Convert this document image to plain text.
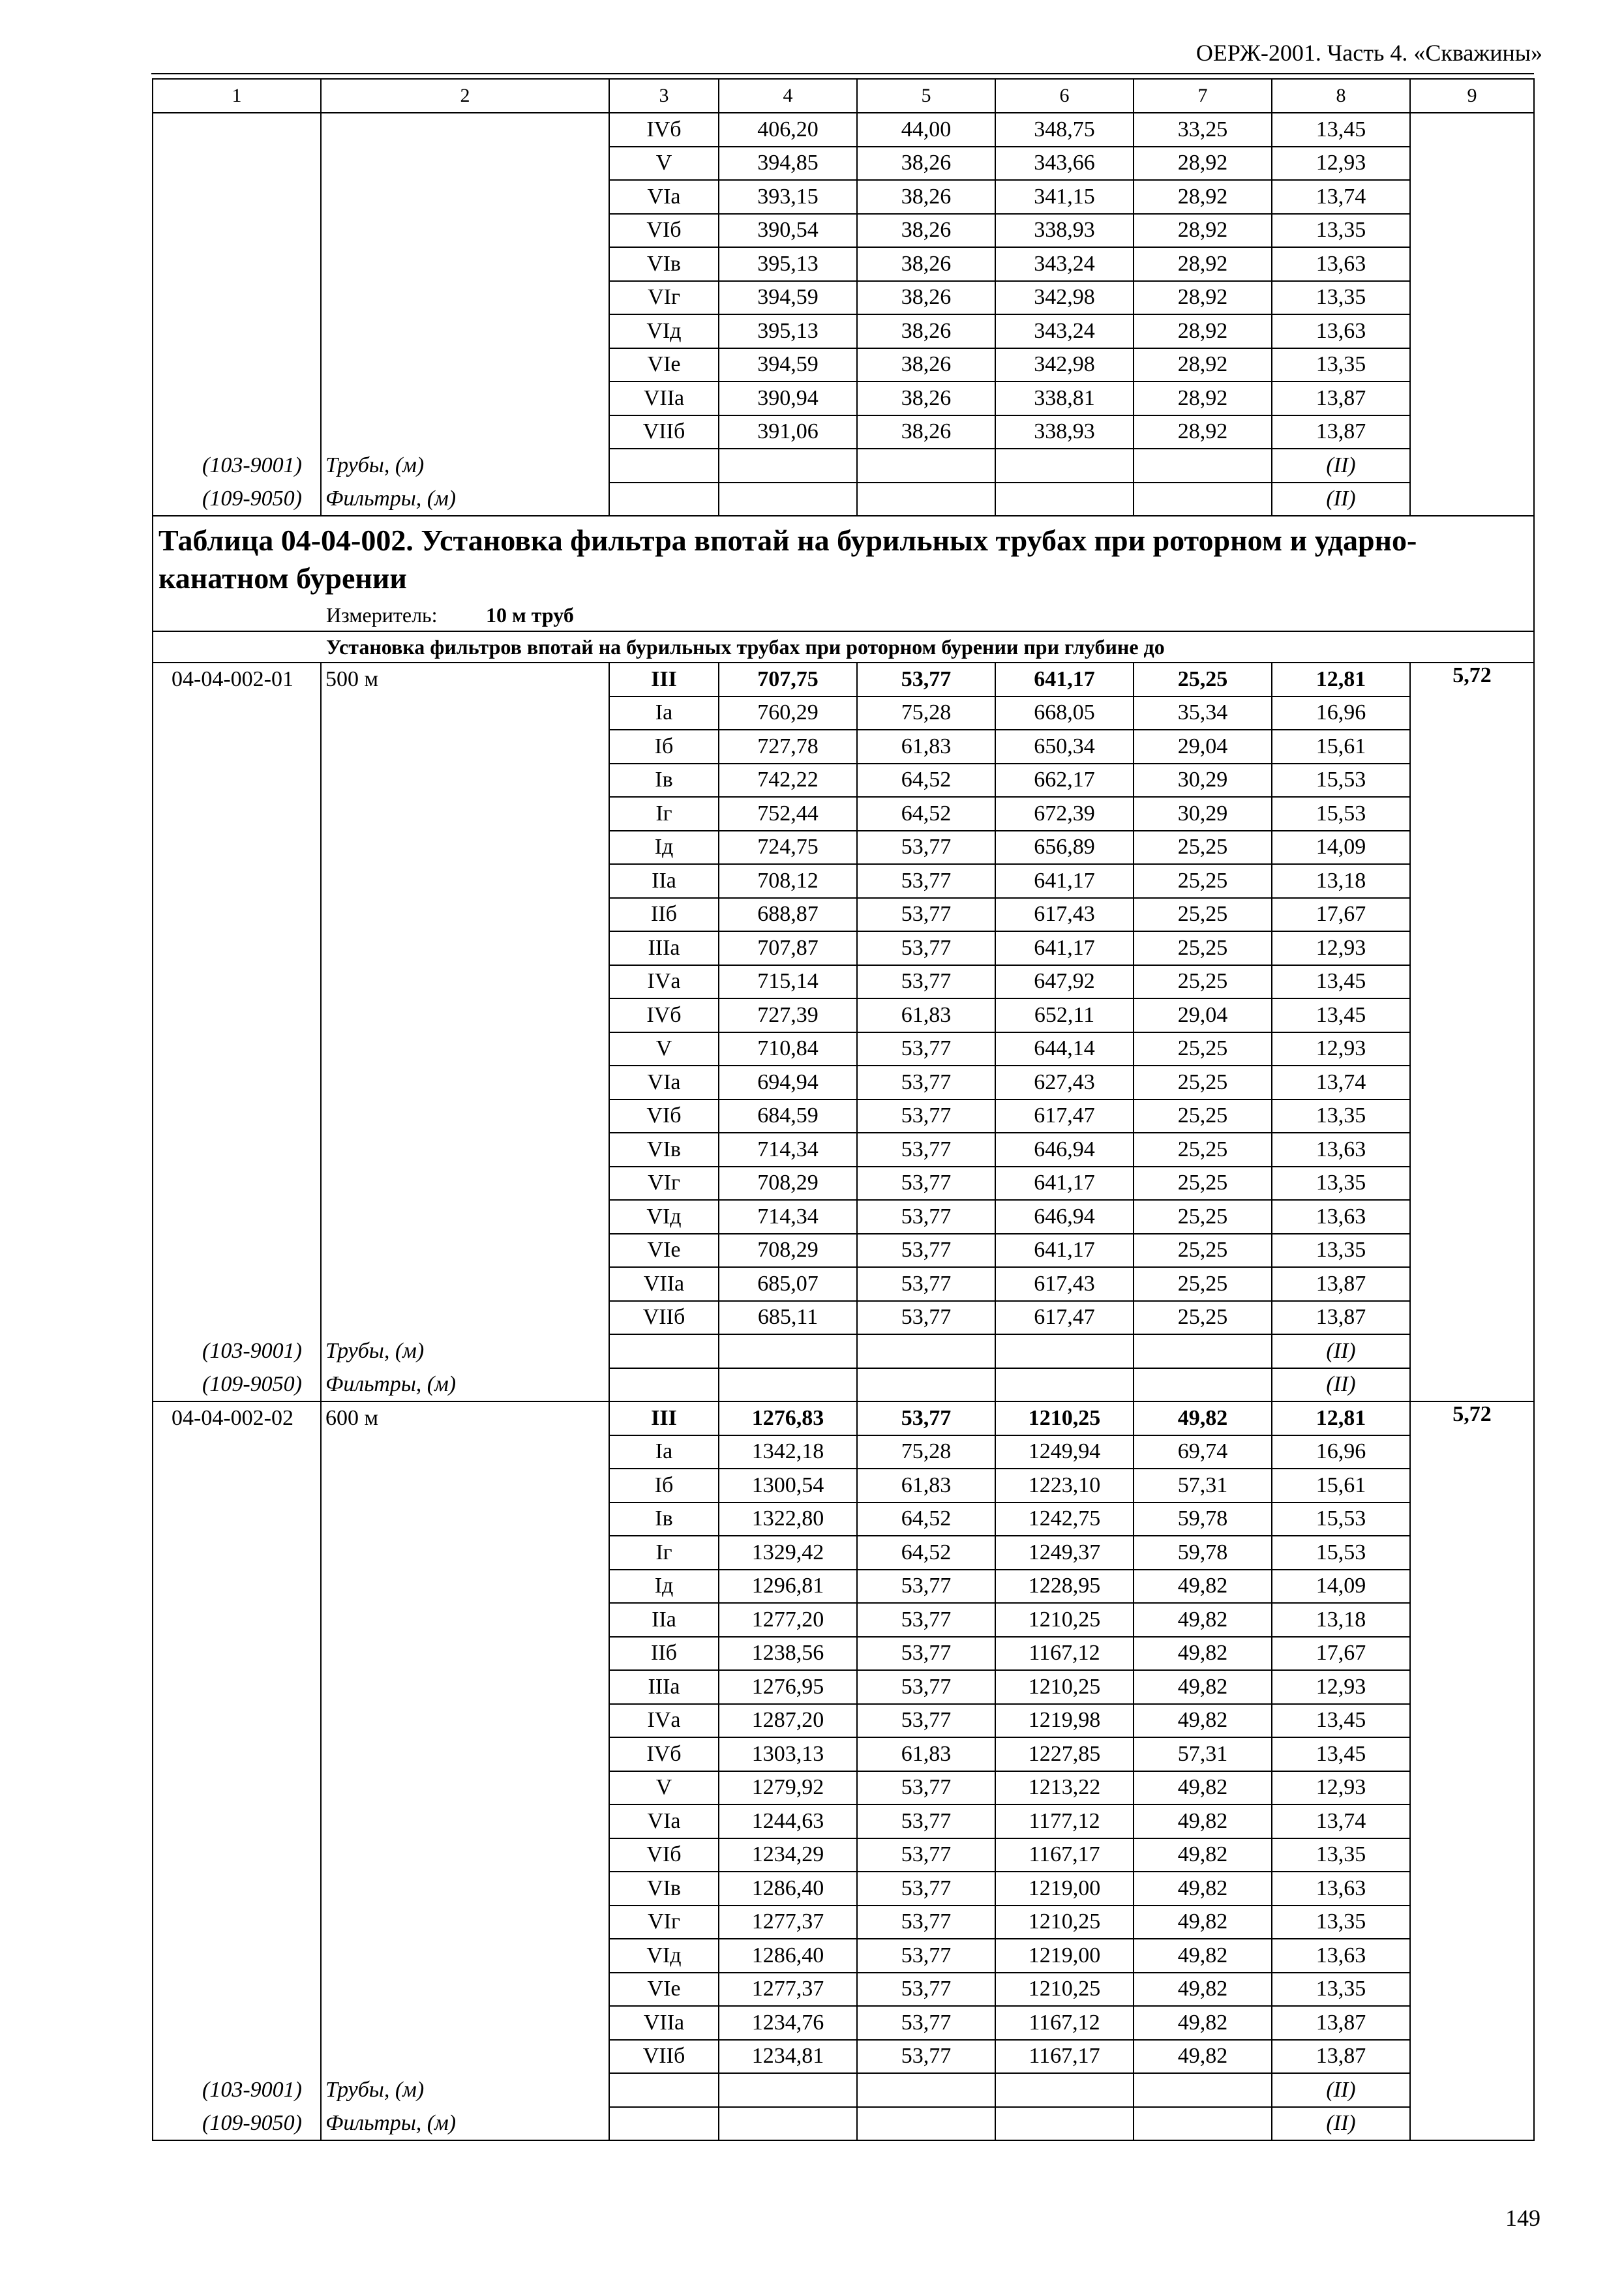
ОЕРЖ-2001. Часть 4. «Скважины»
1	2	3	4	5	6	7	8	9
		IVб	406,20	44,00	348,75	33,25	13,45	
		V	394,85	38,26	343,66	28,92	12,93	
		VIа	393,15	38,26	341,15	28,92	13,74	
		VIб	390,54	38,26	338,93	28,92	13,35	
		VIв	395,13	38,26	343,24	28,92	13,63	
		VIг	394,59	38,26	342,98	28,92	13,35	
		VIд	395,13	38,26	343,24	28,92	13,63	
		VIе	394,59	38,26	342,98	28,92	13,35	
		VIIа	390,94	38,26	338,81	28,92	13,87	
		VIIб	391,06	38,26	338,93	28,92	13,87	
(103-9001)	Трубы, (м)						(II)	
(109-9050)	Фильтры, (м)						(II)	
Таблица 04-04-002. Установка фильтра впотай на бурильных трубах при роторном и ударно-канатном бурении								
Измеритель: 10 м труб								
Установка фильтров впотай на бурильных трубах при роторном бурении при глубине до								
04-04-002-01	500 м	III	707,75	53,77	641,17	25,25	12,81	5,72
		Iа	760,29	75,28	668,05	35,34	16,96	
		Iб	727,78	61,83	650,34	29,04	15,61	
		Iв	742,22	64,52	662,17	30,29	15,53	
		Iг	752,44	64,52	672,39	30,29	15,53	
		Iд	724,75	53,77	656,89	25,25	14,09	
		IIа	708,12	53,77	641,17	25,25	13,18	
		IIб	688,87	53,77	617,43	25,25	17,67	
		IIIа	707,87	53,77	641,17	25,25	12,93	
		IVа	715,14	53,77	647,92	25,25	13,45	
		IVб	727,39	61,83	652,11	29,04	13,45	
		V	710,84	53,77	644,14	25,25	12,93	
		VIа	694,94	53,77	627,43	25,25	13,74	
		VIб	684,59	53,77	617,47	25,25	13,35	
		VIв	714,34	53,77	646,94	25,25	13,63	
		VIг	708,29	53,77	641,17	25,25	13,35	
		VIд	714,34	53,77	646,94	25,25	13,63	
		VIе	708,29	53,77	641,17	25,25	13,35	
		VIIа	685,07	53,77	617,43	25,25	13,87	
		VIIб	685,11	53,77	617,47	25,25	13,87	
(103-9001)	Трубы, (м)						(II)	
(109-9050)	Фильтры, (м)						(II)	
04-04-002-02	600 м	III	1276,83	53,77	1210,25	49,82	12,81	5,72
		Iа	1342,18	75,28	1249,94	69,74	16,96	
		Iб	1300,54	61,83	1223,10	57,31	15,61	
		Iв	1322,80	64,52	1242,75	59,78	15,53	
		Iг	1329,42	64,52	1249,37	59,78	15,53	
		Iд	1296,81	53,77	1228,95	49,82	14,09	
		IIа	1277,20	53,77	1210,25	49,82	13,18	
		IIб	1238,56	53,77	1167,12	49,82	17,67	
		IIIа	1276,95	53,77	1210,25	49,82	12,93	
		IVа	1287,20	53,77	1219,98	49,82	13,45	
		IVб	1303,13	61,83	1227,85	57,31	13,45	
		V	1279,92	53,77	1213,22	49,82	12,93	
		VIа	1244,63	53,77	1177,12	49,82	13,74	
		VIб	1234,29	53,77	1167,17	49,82	13,35	
		VIв	1286,40	53,77	1219,00	49,82	13,63	
		VIг	1277,37	53,77	1210,25	49,82	13,35	
		VIд	1286,40	53,77	1219,00	49,82	13,63	
		VIе	1277,37	53,77	1210,25	49,82	13,35	
		VIIа	1234,76	53,77	1167,12	49,82	13,87	
		VIIб	1234,81	53,77	1167,17	49,82	13,87	
(103-9001)	Трубы, (м)						(II)	
(109-9050)	Фильтры, (м)						(II)	
149
